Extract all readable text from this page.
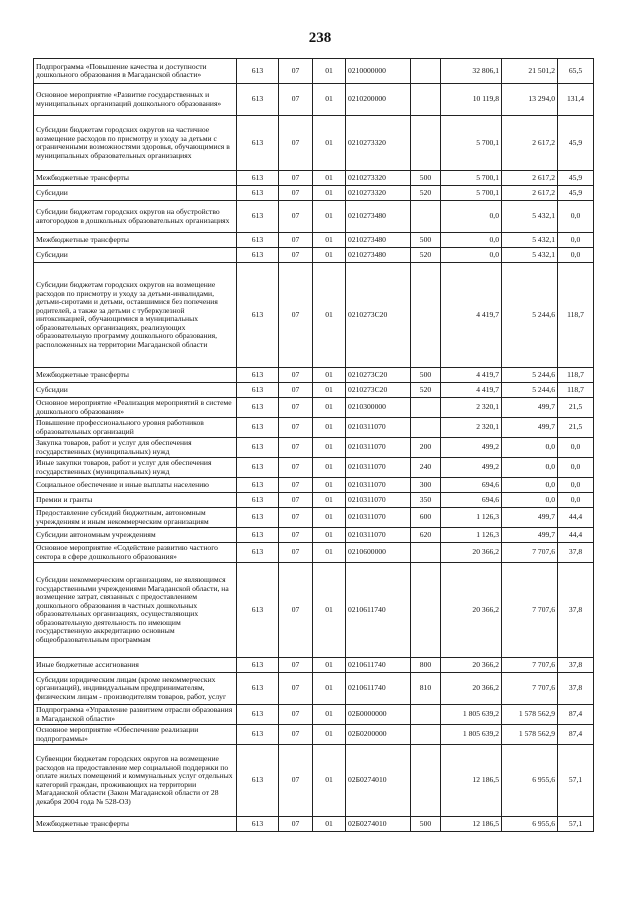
238
Подпрограмма «Повышение качества и доступности дошкольного образования в Магаданской области»	613	07	01	0210000000		32 806,1	21 501,2	65,5
Основное мероприятие «Развитие государственных и муниципальных организаций дошкольного образования»	613	07	01	0210200000		10 119,8	13 294,0	131,4
Субсидии бюджетам городских округов на частичное возмещение расходов по присмотру и уходу за детьми с ограниченными возможностями здоровья, обучающимися в муниципальных образовательных организациях	613	07	01	0210273320		5 700,1	2 617,2	45,9
Межбюджетные трансферты	613	07	01	0210273320	500	5 700,1	2 617,2	45,9
Субсидии	613	07	01	0210273320	520	5 700,1	2 617,2	45,9
Субсидии бюджетам городских округов на обустройство автогородков в дошкольных образовательных организациях	613	07	01	0210273480		0,0	5 432,1	0,0
Межбюджетные трансферты	613	07	01	0210273480	500	0,0	5 432,1	0,0
Субсидии	613	07	01	0210273480	520	0,0	5 432,1	0,0
Субсидии бюджетам городских округов на возмещение расходов по присмотру и уходу за детьми-инвалидами, детьми-сиротами и детьми, оставшимися без попечения родителей, а также за детьми с туберкулезной интоксикацией, обучающимися в муниципальных образовательных организациях, реализующих образовательную программу дошкольного образования, расположенных на территории Магаданской области	613	07	01	0210273С20		4 419,7	5 244,6	118,7
Межбюджетные трансферты	613	07	01	0210273С20	500	4 419,7	5 244,6	118,7
Субсидии	613	07	01	0210273С20	520	4 419,7	5 244,6	118,7
Основное мероприятие «Реализация мероприятий в системе дошкольного образования»	613	07	01	0210300000		2 320,1	499,7	21,5
Повышение профессионального уровня работников образовательных организаций	613	07	01	0210311070		2 320,1	499,7	21,5
Закупка товаров, работ и услуг для обеспечения государственных (муниципальных) нужд	613	07	01	0210311070	200	499,2	0,0	0,0
Иные закупки товаров, работ и услуг для обеспечения государственных (муниципальных) нужд	613	07	01	0210311070	240	499,2	0,0	0,0
Социальное обеспечение и иные выплаты населению	613	07	01	0210311070	300	694,6	0,0	0,0
Премии и гранты	613	07	01	0210311070	350	694,6	0,0	0,0
Предоставление субсидий бюджетным, автономным учреждениям и иным некоммерческим организациям	613	07	01	0210311070	600	1 126,3	499,7	44,4
Субсидии автономным учреждениям	613	07	01	0210311070	620	1 126,3	499,7	44,4
Основное мероприятие «Содействие развитию частного сектора в сфере дошкольного образования»	613	07	01	0210600000		20 366,2	7 707,6	37,8
Субсидии некоммерческим организациям, не являющимся государственными учреждениями Магаданской области, на возмещение затрат, связанных с предоставлением дошкольного образования в частных дошкольных образовательных организациях, осуществляющих образовательную деятельность по имеющим государственную аккредитацию основным общеобразовательным программам	613	07	01	0210611740		20 366,2	7 707,6	37,8
Иные бюджетные ассигнования	613	07	01	0210611740	800	20 366,2	7 707,6	37,8
Субсидии юридическим лицам (кроме некоммерческих организаций), индивидуальным предпринимателям, физическим лицам - производителям товаров, работ, услуг	613	07	01	0210611740	810	20 366,2	7 707,6	37,8
Подпрограмма «Управление развитием отрасли образования в Магаданской области»	613	07	01	02Б0000000		1 805 639,2	1 578 562,9	87,4
Основное мероприятие «Обеспечение реализации подпрограммы»	613	07	01	02Б0200000		1 805 639,2	1 578 562,9	87,4
Субвенции бюджетам городских округов на возмещение расходов на предоставление мер социальной поддержки по оплате жилых помещений и коммунальных услуг отдельных категорий граждан, проживающих на территории Магаданской области (Закон Магаданской области от 28 декабря 2004 года № 528-ОЗ)	613	07	01	02Б0274010		12 186,5	6 955,6	57,1
Межбюджетные трансферты	613	07	01	02Б0274010	500	12 186,5	6 955,6	57,1
